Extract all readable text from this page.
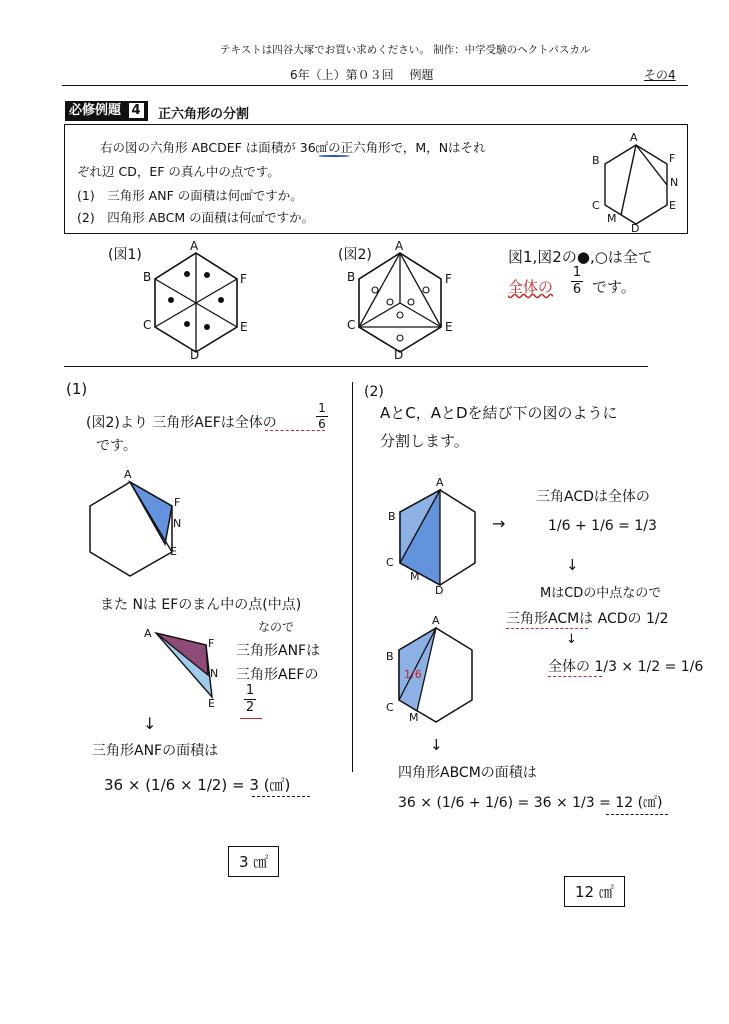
テキストは四谷大塚でお買い求めください。 制作：中学受験のヘクトパスカル
6年（上）第０３回　 例題	その4
必修例題 4	正六角形の分割
右の図の六角形 ABCDEF は面積が 36㎠の正六角形で，M，Nはそれ
ぞれ辺 CD，EF の真ん中の点です。
(1)　三角形 ANF の面積は何㎠ですか。
(2)　四角形 ABCM の面積は何㎠ですか。
A
B	F
N
C	E
M
D
(図1)	(図2)
A
B	F
C	E
D
A
B	F
C	E
D
図1,図2の●,○は全て
全体の
1
6 です。
(1)
(図2)より 三角形AEFは全体の
1
6
です。
A
F
N
E
また Nは EFのまん中の点(中点)
なので
A
F
N
E
三角形ANFは
三角形AEFの
1
2
↓
三角形ANFの面積は
36 × (1/6 × 1/2) = 3 (㎠)
3 ㎠
(2)
AとC，AとDを結び下の図のように
分割します。
A
B
C
M
D
→
三角ACDは全体の
1/6 + 1/6 = 1/3
↓
MはCDの中点なので
三角形ACMは ACDの 1/2
↓
全体の 1/3 × 1/2 = 1/6
A
B
C
M
1/6
↓
四角形ABCMの面積は
36 × (1/6 + 1/6) = 36 × 1/3 = 12 (㎠)
12 ㎠
